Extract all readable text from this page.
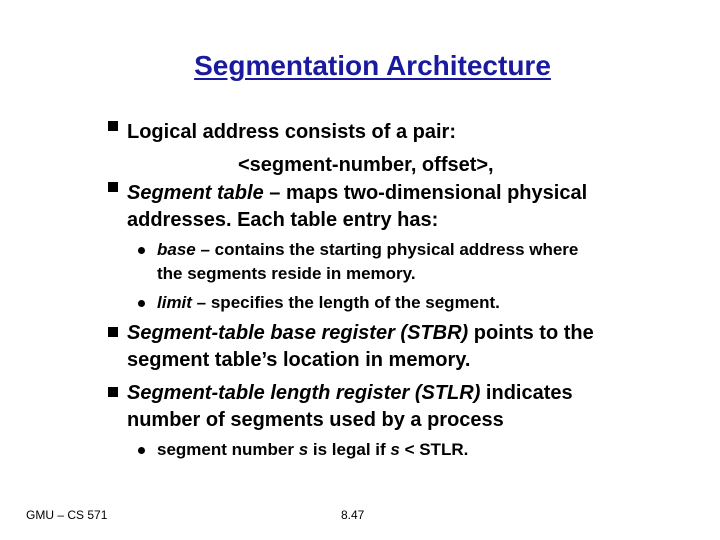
Segmentation Architecture
Logical address consists of a pair:
<segment-number, offset>,
Segment table – maps two-dimensional physical
addresses. Each table entry has:
base – contains the starting physical address where
the segments reside in memory.
limit – specifies the length of the segment.
Segment-table base register (STBR) points to the
segment table’s location in memory.
Segment-table length register (STLR) indicates
number of segments used by a process
segment number s is legal if s < STLR.
GMU – CS 571	8.47
